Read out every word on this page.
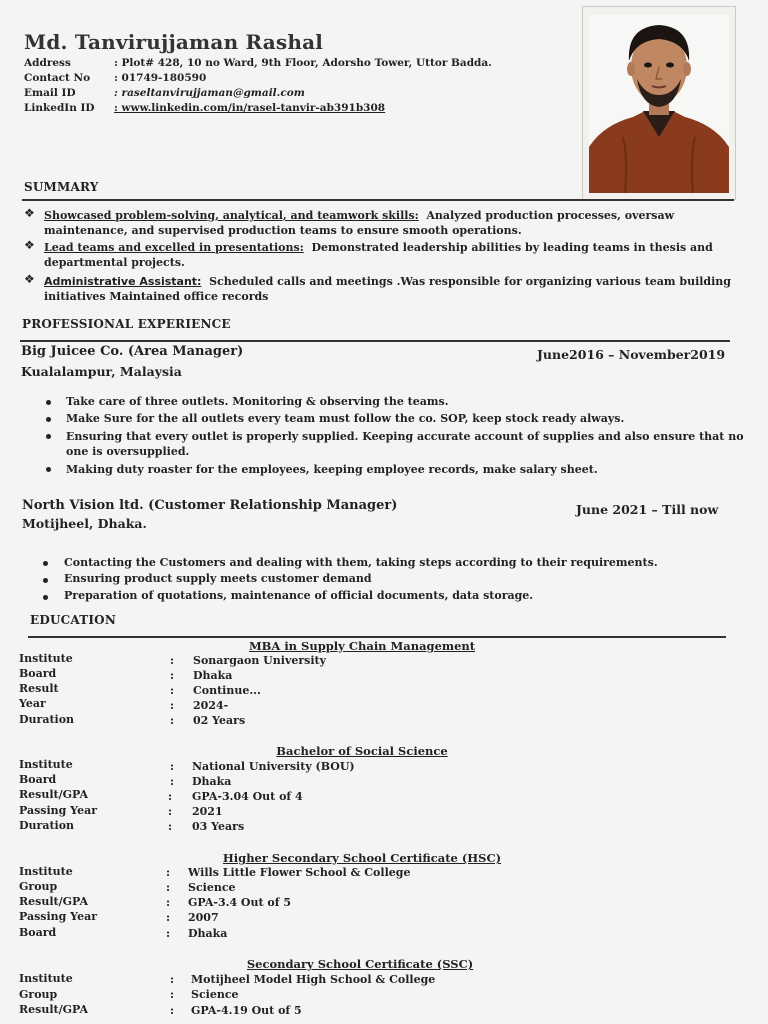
Md. Tanvirujjaman Rashal
Address	: Plot# 428, 10 no Ward, 9th Floor, Adorsho Tower, Uttor Badda.
Contact No : 01749-180590
Email ID	: raseltanvirujjaman@gmail.com
LinkedIn ID : www.linkedin.com/in/rasel-tanvir-ab391b308
SUMMARY
❖ Showcased problem-solving, analytical, and teamwork skills: Analyzed production processes, oversaw
maintenance, and supervised production teams to ensure smooth operations.
❖ Lead teams and excelled in presentations: Demonstrated leadership abilities by leading teams in thesis and
departmental projects.
❖ Administrative Assistant: Scheduled calls and meetings .Was responsible for organizing various team building
initiatives Maintained office records
PROFESSIONAL EXPERIENCE
Big Juicee Co. (Area Manager)	June2016 – November2019
Kualalampur, Malaysia
Take care of three outlets. Monitoring & observing the teams.
Make Sure for the all outlets every team must follow the co. SOP, keep stock ready always.
Ensuring that every outlet is properly supplied. Keeping accurate account of supplies and also ensure that no
one is oversupplied.
Making duty roaster for the employees, keeping employee records, make salary sheet.
North Vision ltd. (Customer Relationship Manager)	June 2021 – Till now
Motijheel, Dhaka.
Contacting the Customers and dealing with them, taking steps according to their requirements.
Ensuring product supply meets customer demand
Preparation of quotations, maintenance of official documents, data storage.
EDUCATION
MBA in Supply Chain Management
Institute	: Sonargaon University
Board	: Dhaka
Result	: Continue...
Year	: 2024-
Duration	: 02 Years
Bachelor of Social Science
Institute	: National University (BOU)
Board	: Dhaka
Result/GPA	: GPA-3.04 Out of 4
Passing Year	: 2021
Duration	: 03 Years
Higher Secondary School Certificate (HSC)
Institute	: Wills Little Flower School & College
Group	: Science
Result/GPA	: GPA-3.4 Out of 5
Passing Year	: 2007
Board	: Dhaka
Secondary School Certificate (SSC)
Institute	: Motijheel Model High School & College
Group	: Science
Result/GPA	: GPA-4.19 Out of 5
